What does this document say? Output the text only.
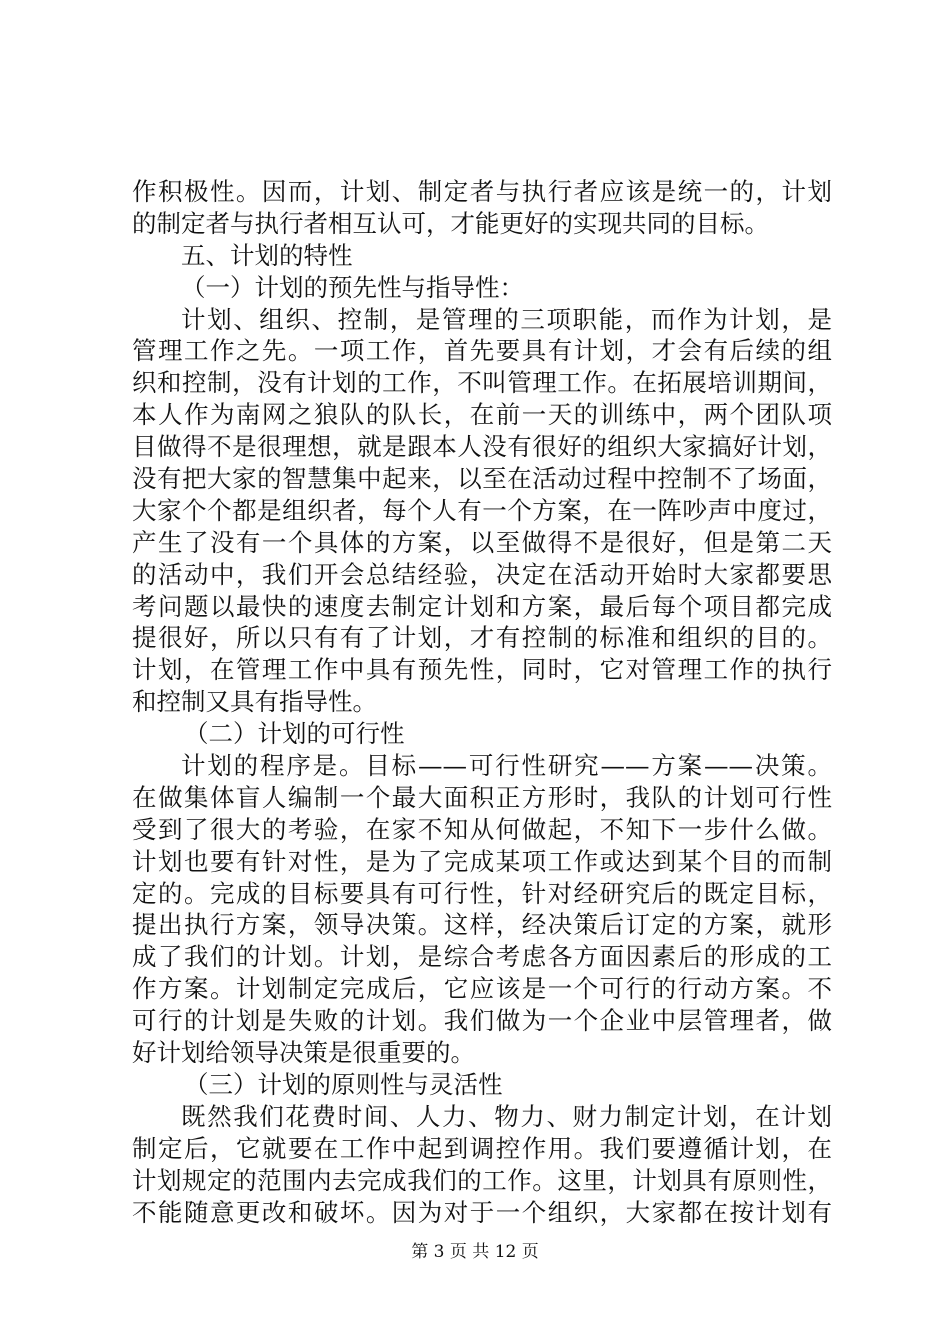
作积极性。因而，计划、制定者与执行者应该是统一的，计划
的制定者与执行者相互认可，才能更好的实现共同的目标。
五、计划的特性
（一）计划的预先性与指导性：
计划、组织、控制，是管理的三项职能，而作为计划，是
管理工作之先。一项工作，首先要具有计划，才会有后续的组
织和控制，没有计划的工作，不叫管理工作。在拓展培训期间，
本人作为南网之狼队的队长，在前一天的训练中，两个团队项
目做得不是很理想，就是跟本人没有很好的组织大家搞好计划，
没有把大家的智慧集中起来，以至在活动过程中控制不了场面，
大家个个都是组织者，每个人有一个方案，在一阵吵声中度过，
产生了没有一个具体的方案，以至做得不是很好，但是第二天
的活动中，我们开会总结经验，决定在活动开始时大家都要思
考问题以最快的速度去制定计划和方案，最后每个项目都完成
提很好，所以只有有了计划，才有控制的标准和组织的目的。
计划，在管理工作中具有预先性，同时，它对管理工作的执行
和控制又具有指导性。
（二）计划的可行性
计划的程序是。目标——可行性研究——方案——决策。
在做集体盲人编制一个最大面积正方形时，我队的计划可行性
受到了很大的考验，在家不知从何做起，不知下一步什么做。
计划也要有针对性，是为了完成某项工作或达到某个目的而制
定的。完成的目标要具有可行性，针对经研究后的既定目标，
提出执行方案，领导决策。这样，经决策后订定的方案，就形
成了我们的计划。计划，是综合考虑各方面因素后的形成的工
作方案。计划制定完成后，它应该是一个可行的行动方案。不
可行的计划是失败的计划。我们做为一个企业中层管理者，做
好计划给领导决策是很重要的。
（三）计划的原则性与灵活性
既然我们花费时间、人力、物力、财力制定计划，在计划
制定后，它就要在工作中起到调控作用。我们要遵循计划，在
计划规定的范围内去完成我们的工作。这里，计划具有原则性，
不能随意更改和破坏。因为对于一个组织，大家都在按计划有
第 3 页 共 12 页
